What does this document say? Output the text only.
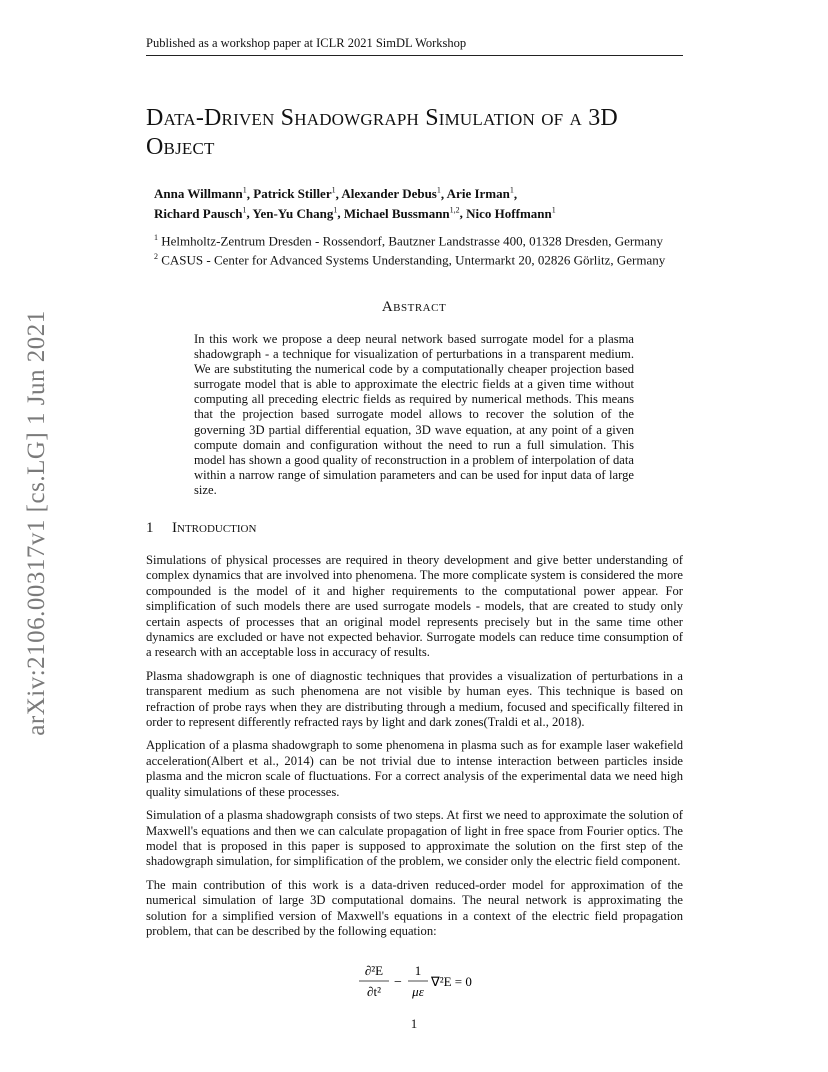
Published as a workshop paper at ICLR 2021 SimDL Workshop
Data-Driven Shadowgraph Simulation of a 3D
Object
Anna Willmann$^1$, Patrick Stiller$^1$, Alexander Debus$^1$, Arie Irman$^1$,
Richard Pausch$^1$, Yen-Yu Chang$^1$, Michael Bussmann$^{1,2}$, Nico Hoffmann$^1$
$^1$ Helmholtz-Zentrum Dresden - Rossendorf, Bautzner Landstrasse 400, 01328 Dresden, Germany
$^2$ CASUS - Center for Advanced Systems Understanding, Untermarkt 20, 02826 Görlitz, Germany
Abstract
In this work we propose a deep neural network based surrogate model for a plasma shadowgraph - a technique for visualization of perturbations in a transparent medium. We are substituting the numerical code by a computationally cheaper projection based surrogate model that is able to approximate the electric fields at a given time without computing all preceding electric fields as required by numerical methods. This means that the projection based surrogate model allows to recover the solution of the governing 3D partial differential equation, 3D wave equation, at any point of a given compute domain and configuration without the need to run a full simulation. This model has shown a good quality of reconstruction in a problem of interpolation of data within a narrow range of simulation parameters and can be used for input data of large size.
1 Introduction

Simulations of physical processes are required in theory development and give better understanding of complex dynamics that are involved into phenomena. The more complicate system is considered the more compounded is the model of it and higher requirements to the computational power appear. For simplification of such models there are used surrogate models - models, that are created to study only certain aspects of processes that an original model represents precisely but in the same time other dynamics are excluded or have not expected behavior. Surrogate models can reduce time consumption of a research with an acceptable loss in accuracy of results.

Plasma shadowgraph is one of diagnostic techniques that provides a visualization of perturbations in a transparent medium as such phenomena are not visible by human eyes. This technique is based on refraction of probe rays when they are distributing through a medium, focused and specifically filtered in order to represent differently refracted rays by light and dark zones(Traldi et al., 2018).

Application of a plasma shadowgraph to some phenomena in plasma such as for example laser wakefield acceleration(Albert et al., 2014) can be not trivial due to intense interaction between particles inside plasma and the micron scale of fluctuations. For a correct analysis of the experimental data we need high quality simulations of these processes.

Simulation of a plasma shadowgraph consists of two steps. At first we need to approximate the solution of Maxwell's equations and then we can calculate propagation of light in free space from Fourier optics. The model that is proposed in this paper is supposed to approximate the solution on the first step of the shadowgraph simulation, for simplification of the problem, we consider only the electric field component.

The main contribution of this work is a data-driven reduced-order model for approximation of the numerical simulation of large 3D computational domains. The neural network is approximating the solution for a simplified version of Maxwell's equations in a context of the electric field propagation problem, that can be described by the following equation:

∂²E
∂t²
−
1
με
∇²E = 0
1
arXiv:2106.00317v1 [cs.LG] 1 Jun 2021
